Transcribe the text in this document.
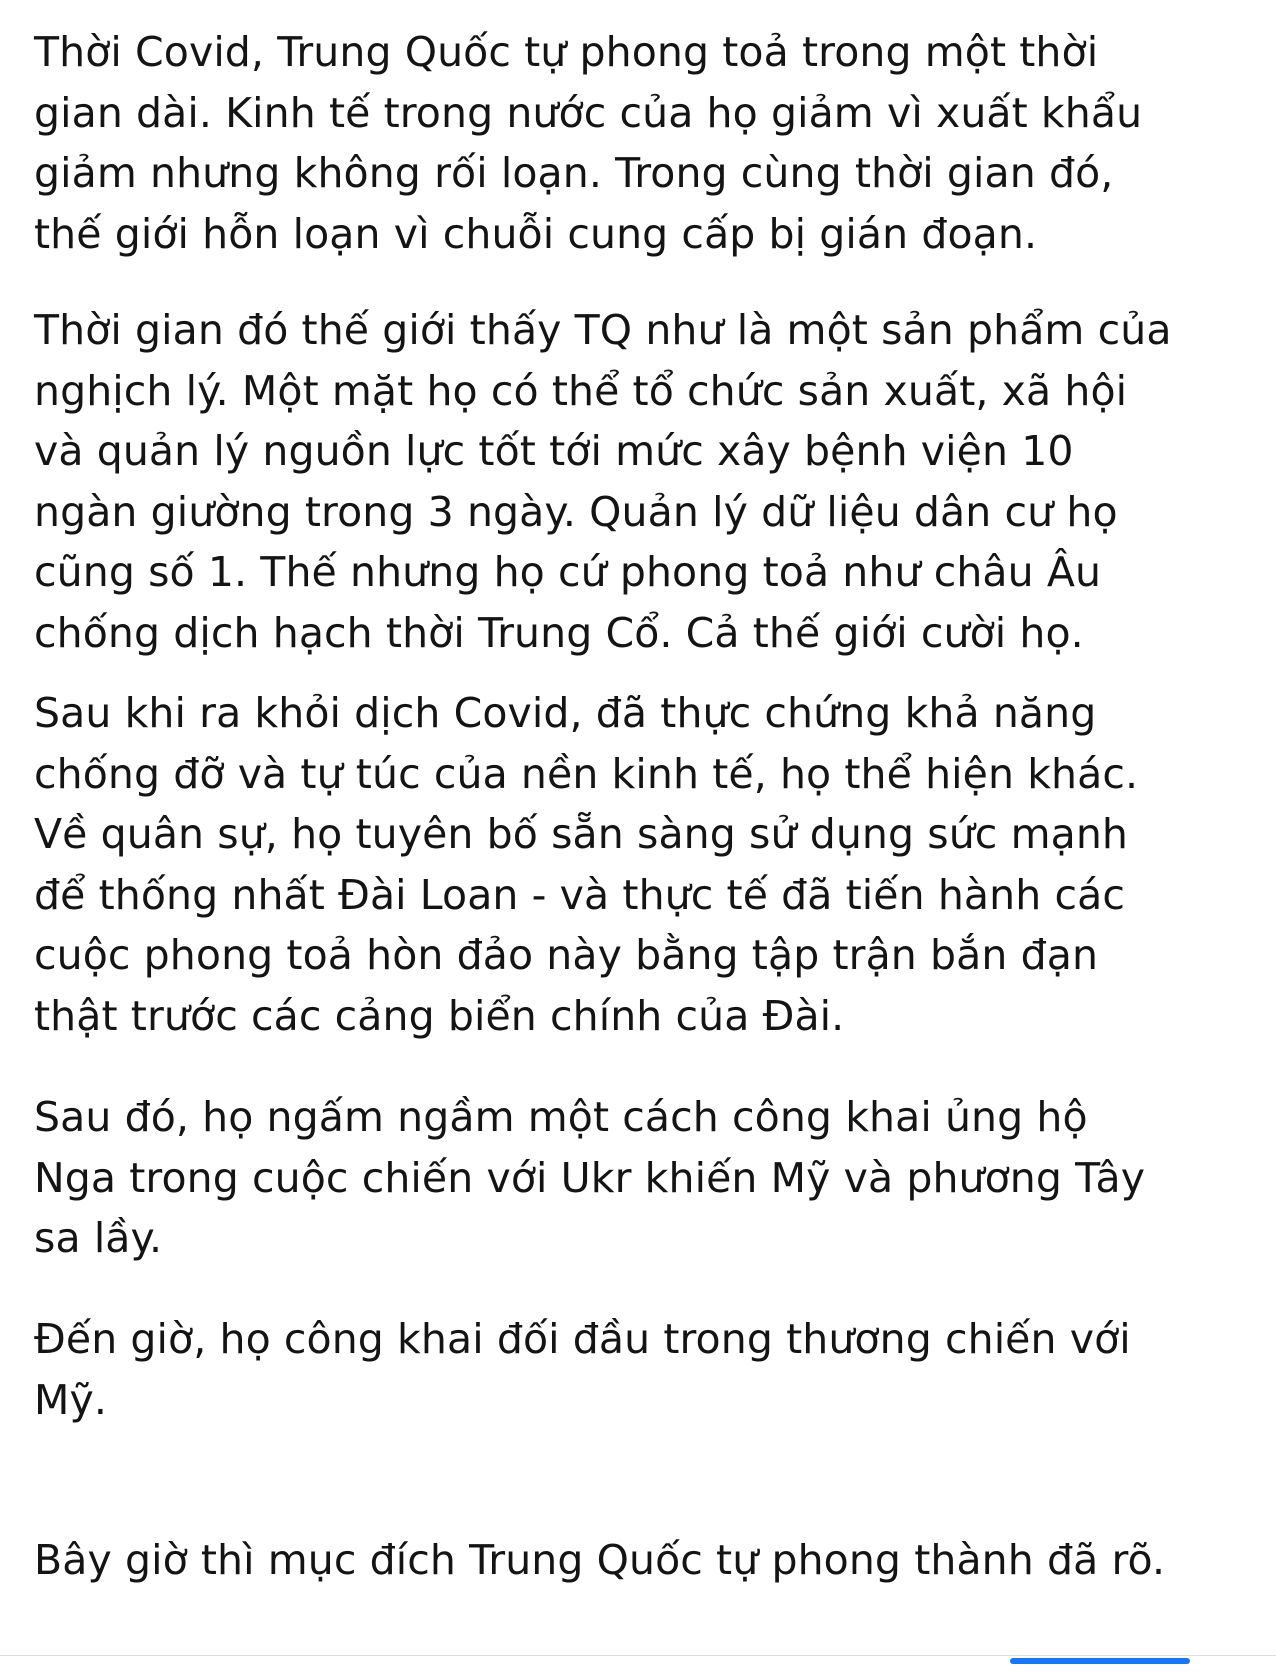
Thời Covid, Trung Quốc tự phong toả trong một thời
gian dài. Kinh tế trong nước của họ giảm vì xuất khẩu
giảm nhưng không rối loạn. Trong cùng thời gian đó,
thế giới hỗn loạn vì chuỗi cung cấp bị gián đoạn.

Thời gian đó thế giới thấy TQ như là một sản phẩm của
nghịch lý. Một mặt họ có thể tổ chức sản xuất, xã hội
và quản lý nguồn lực tốt tới mức xây bệnh viện 10
ngàn giường trong 3 ngày. Quản lý dữ liệu dân cư họ
cũng số 1. Thế nhưng họ cứ phong toả như châu Âu
chống dịch hạch thời Trung Cổ. Cả thế giới cười họ.

Sau khi ra khỏi dịch Covid, đã thực chứng khả năng
chống đỡ và tự túc của nền kinh tế, họ thể hiện khác.
Về quân sự, họ tuyên bố sẵn sàng sử dụng sức mạnh
để thống nhất Đài Loan - và thực tế đã tiến hành các
cuộc phong toả hòn đảo này bằng tập trận bắn đạn
thật trước các cảng biển chính của Đài.

Sau đó, họ ngấm ngầm một cách công khai ủng hộ
Nga trong cuộc chiến với Ukr khiến Mỹ và phương Tây
sa lầy.

Đến giờ, họ công khai đối đầu trong thương chiến với
Mỹ.

Bây giờ thì mục đích Trung Quốc tự phong thành đã rõ.
